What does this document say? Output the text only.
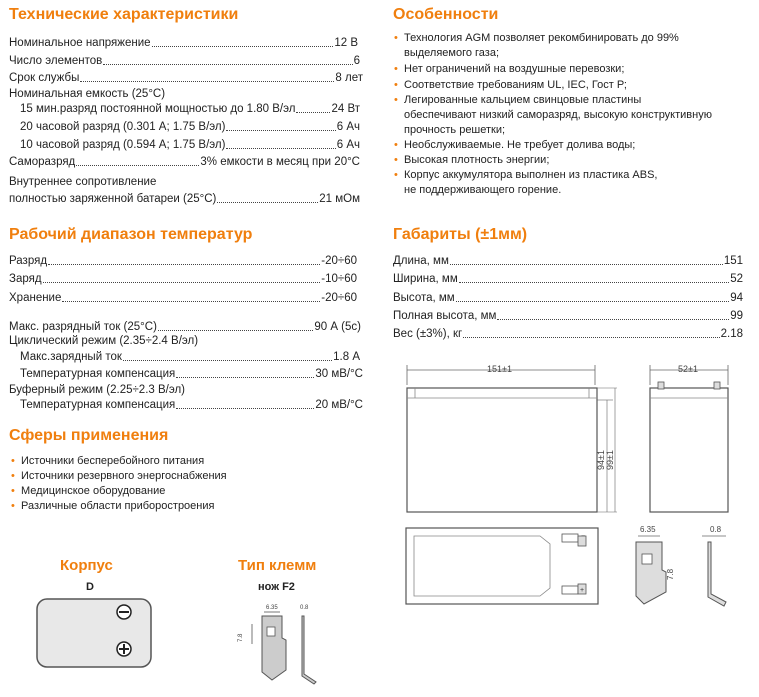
Технические характеристики
Номинальное напряжение	12 В
Число элементов	6
Срок службы	8 лет
Номинальная емкость (25°C)
15 мин.разряд постоянной мощностью до 1.80 В/эл	24 Вт
20 часовой разряд (0.301 А; 1.75 В/эл)	6 Ач
10 часовой разряд (0.594 А; 1.75 В/эл)	6 Ач
Саморазряд	3% емкости в месяц при 20°C
Внутреннее сопротивление
полностью заряженной батареи (25°C)	21 мОм
Особенности
• Технология AGM позволяет рекомбинировать до 99%
выделяемого газа;
• Нет ограничений на воздушные перевозки;
• Соответствие требованиям UL, IEC, Гост Р;
• Легированные кальцием свинцовые пластины
обеспечивают низкий саморазряд, высокую конструктивную
прочность решетки;
• Необслуживаемые. Не требует долива воды;
• Высокая плотность энергии;
• Корпус аккумулятора выполнен из пластика ABS,
не поддерживающего горение.
Рабочий диапазон температур
Разряд	-20÷60
Заряд	-10÷60
Хранение	-20÷60
Макс. разрядный ток (25°C)	90 А (5с)
Циклический режим (2.35÷2.4 В/эл)
Макс.зарядный ток	1.8 А
Температурная компенсация	30 мВ/°С
Буферный режим (2.25÷2.3 В/эл)
Температурная компенсация	20 мВ/°С
Габариты (±1мм)
Длина, мм	151
Ширина, мм	52
Высота, мм	94
Полная высота, мм	99
Вес (±3%), кг	2.18
Сферы применения
• Источники бесперебойного питания
• Источники резервного энергоснабжения
• Медицинское оборудование
• Различные области приборостроения
Корпус
D
Тип клемм
нож F2
6.35	0.8
7.8
151±1
94±1 99±1
52±1
−
+
6.35	0.8
7.8
